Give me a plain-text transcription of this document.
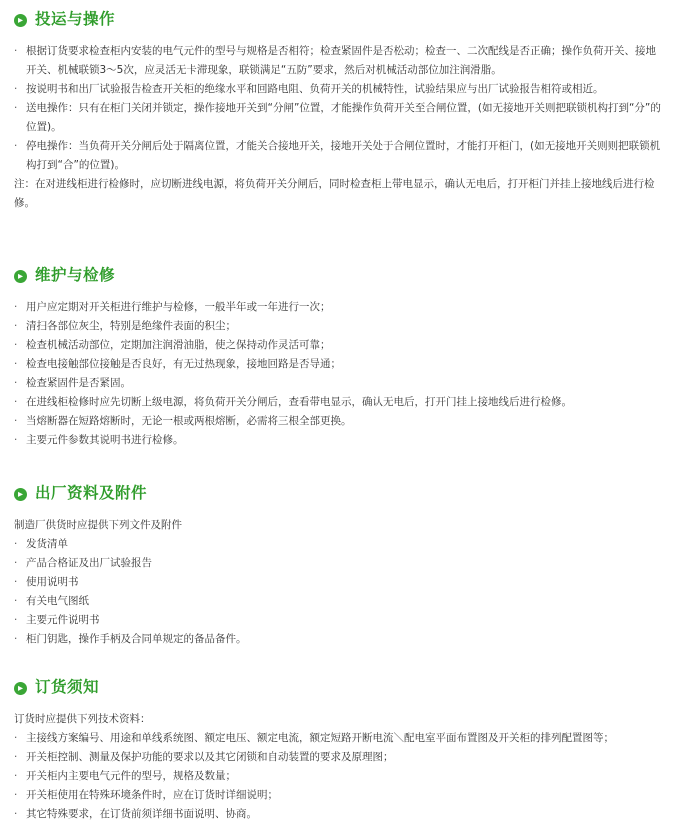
▸ 投运与操作
· 根据订货要求检查柜内安装的电气元件的型号与规格是否相符；检查紧固件是否松动；检查一、二次配线是否正确；操作负荷开关、接地开关、机械联锁3～5次，应灵活无卡滞现象，联锁满足“五防”要求，然后对机械活动部位加注润滑脂。

· 按说明书和出厂试验报告检查开关柜的绝缘水平和回路电阻、负荷开关的机械特性，试验结果应与出厂试验报告相符或相近。

· 送电操作：只有在柜门关闭并锁定，操作接地开关到“分闸”位置，才能操作负荷开关至合闸位置，(如无接地开关则把联锁机构打到“分”的位置)。

· 停电操作：当负荷开关分闸后处于隔离位置，才能关合接地开关，接地开关处于合闸位置时，才能打开柜门，(如无接地开关则则把联锁机构打到“合”的位置)。

注：在对进线柜进行检修时，应切断进线电源，将负荷开关分闸后，同时检查柜上带电显示，确认无电后，打开柜门并挂上接地线后进行检修。

▸ 维护与检修
· 用户应定期对开关柜进行维护与检修，一般半年或一年进行一次；

· 清扫各部位灰尘，特别是绝缘件表面的积尘；

· 检查机械活动部位，定期加注润滑油脂，使之保持动作灵活可靠；

· 检查电接触部位接触是否良好，有无过热现象，接地回路是否导通；

· 检查紧固件是否紧固。

· 在进线柜检修时应先切断上级电源，将负荷开关分闸后，查看带电显示，确认无电后，打开门挂上接地线后进行检修。

· 当熔断器在短路熔断时，无论一根或两根熔断，必需将三根全部更换。

· 主要元件参数其说明书进行检修。

▸ 出厂资料及附件

制造厂供货时应提供下列文件及附件

· 发货清单

· 产品合格证及出厂试验报告

· 使用说明书

· 有关电气图纸

· 主要元件说明书

· 柜门钥匙，操作手柄及合同单规定的备品备件。

▸ 订货须知

订货时应提供下列技术资料：

· 主接线方案编号、用途和单线系统图、额定电压、额定电流，额定短路开断电流＼配电室平面布置图及开关柜的排列配置图等；

· 开关柜控制、测量及保护功能的要求以及其它闭锁和自动装置的要求及原理图；

· 开关柜内主要电气元件的型号，规格及数量；

· 开关柜使用在特殊环境条件时，应在订货时详细说明；

· 其它特殊要求，在订货前须详细书面说明、协商。
